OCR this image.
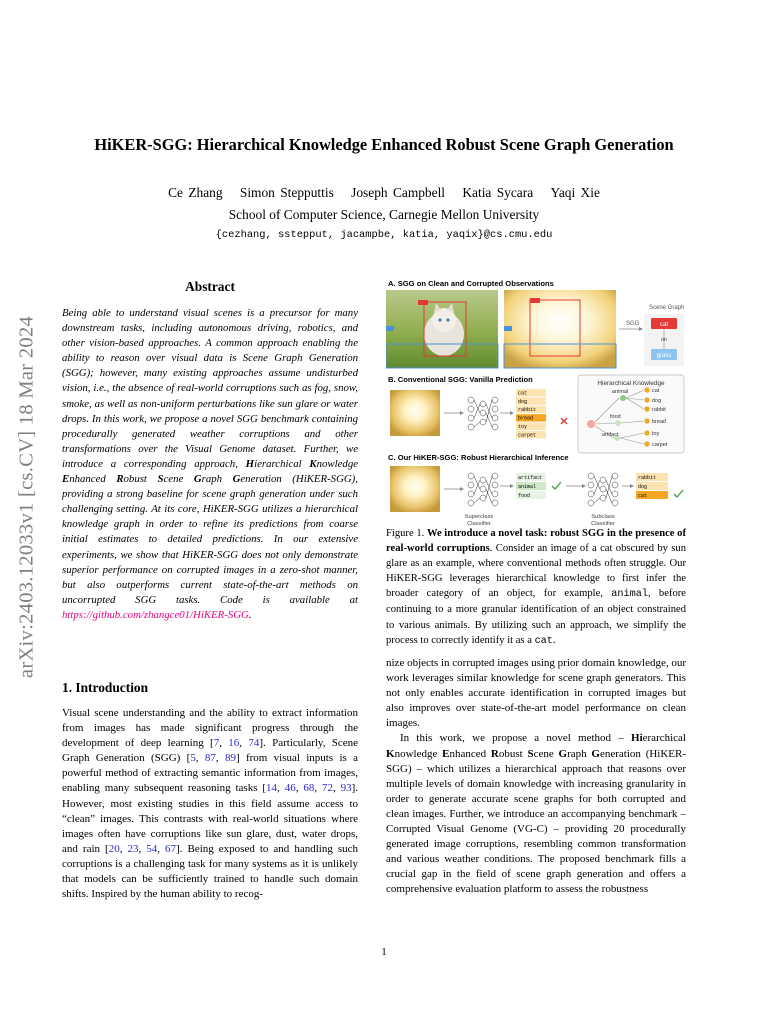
HiKER-SGG: Hierarchical Knowledge Enhanced Robust Scene Graph Generation
Ce Zhang Simon Stepputtis Joseph Campbell Katia Sycara Yaqi Xie
School of Computer Science, Carnegie Mellon University
{cezhang, sstepput, jacampbe, katia, yaqix}@cs.cmu.edu
arXiv:2403.12033v1 [cs.CV] 18 Mar 2024
Abstract
Being able to understand visual scenes is a precursor for many downstream tasks, including autonomous driving, robotics, and other vision-based approaches. A common approach enabling the ability to reason over visual data is Scene Graph Generation (SGG); however, many existing approaches assume undisturbed vision, i.e., the absence of real-world corruptions such as fog, snow, smoke, as well as non-uniform perturbations like sun glare or water drops. In this work, we propose a novel SGG benchmark containing procedurally generated weather corruptions and other transformations over the Visual Genome dataset. Further, we introduce a corresponding approach, Hierarchical Knowledge Enhanced Robust Scene Graph Generation (HiKER-SGG), providing a strong baseline for scene graph generation under such challenging setting. At its core, HiKER-SGG utilizes a hierarchical knowledge graph in order to refine its predictions from coarse initial estimates to detailed predictions. In our extensive experiments, we show that HiKER-SGG does not only demonstrate superior performance on corrupted images in a zero-shot manner, but also outperforms current state-of-the-art methods on uncorrupted SGG tasks. Code is available at https://github.com/zhangce01/HiKER-SGG.
1. Introduction
Visual scene understanding and the ability to extract information from images has made significant progress through the development of deep learning [7, 16, 74]. Particularly, Scene Graph Generation (SGG) [5, 87, 89] from visual inputs is a powerful method of extracting semantic information from images, enabling many subsequent reasoning tasks [14, 46, 68, 72, 93]. However, most existing studies in this field assume access to “clean” images. This contrasts with real-world situations where images often have corruptions like sun glare, dust, water drops, and rain [20, 23, 54, 67]. Being exposed to and handling such corruptions is a challenging task for many systems as it is unlikely that models can be sufficiently trained to handle such domain shifts. Inspired by the human ability to recog-
A. SGG on Clean and Corrupted Observations
SGG
Scene Graph
cat
on
grass
B. Conventional SGG: Vanilla Prediction
cat
dog
rabbit
bread
toy
carpet
Hierarchical Knowledge
animal
food
artifact
cat
dog
rabbit
bread
toy
carpet
C. Our HiKER-SGG: Robust Hierarchical Inference
artifact
animal
food
rabbit
dog
cat
Superclass
Classifier
Subclass
Classifier
Figure 1. We introduce a novel task: robust SGG in the presence of real-world corruptions. Consider an image of a cat obscured by sun glare as an example, where conventional methods often struggle. Our HiKER-SGG leverages hierarchical knowledge to first infer the broader category of an object, for example, animal, before continuing to a more granular identification of an object constrained to various animals. By utilizing such an approach, we simplify the process to correctly identify it as a cat.

nize objects in corrupted images using prior domain knowledge, our work leverages similar knowledge for scene graph generators. This not only enables accurate identification in corrupted images but also improves over state-of-the-art model performance on clean images.

In this work, we propose a novel method – Hierarchical Knowledge Enhanced Robust Scene Graph Generation (HiKER-SGG) – which utilizes a hierarchical approach that reasons over multiple levels of domain knowledge with increasing granularity in order to generate accurate scene graphs for both corrupted and clean images. Further, we introduce an accompanying benchmark – Corrupted Visual Genome (VG-C) – providing 20 procedurally generated image corruptions, resembling common transformation and various weather conditions. The proposed benchmark fills a crucial gap in the field of scene graph generation and offers a comprehensive evaluation platform to assess the robustness

1
